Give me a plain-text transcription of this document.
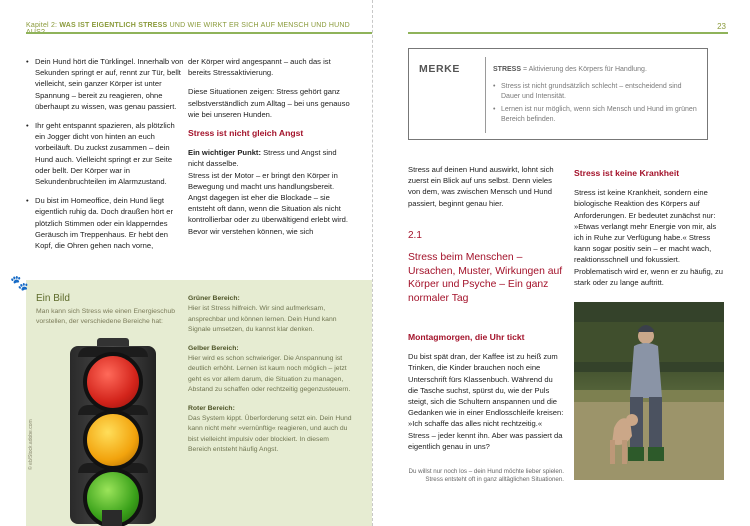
Kapitel 2: WAS IST EIGENTLICH STRESS UND WIE WIRKT ER SICH AUF MENSCH UND HUND
• Dein Hund hört die Türklingel. Innerhalb von Sekunden springt er auf, rennt zur Tür, bellt vielleicht, sein ganzer Körper ist unter Spannung – bereit zu reagieren, ohne überhaupt zu wissen, was genau passiert.
• Ihr geht entspannt spazieren, als plötzlich ein Jogger dicht von hinten an euch vorbeiläuft. Du zuckst zusammen – dein Hund auch. Vielleicht springt er zur Seite oder bellt. Der Körper war in Sekundenbruchteilen im Alarmzustand.
• Du bist im Homeoffice, dein Hund liegt eigentlich ruhig da. Doch draußen hört er plötzlich Stimmen oder ein klapperndes Geräusch im Treppenhaus. Er hebt den Kopf, die Ohren gehen nach vorne,

der Körper wird angespannt – auch das ist bereits Stressaktivierung.

Diese Situationen zeigen: Stress gehört ganz selbstverständlich zum Alltag – bei uns genauso wie bei unseren Hunden.

Stress ist nicht gleich Angst

Ein wichtiger Punkt: Stress und Angst sind nicht dasselbe.

Stress ist der Motor – er bringt den Körper in Bewegung und macht uns handlungsbereit. Angst dagegen ist eher die Blockade – sie entsteht oft dann, wenn die Situation als nicht kontrollierbar oder zu überwältigend erlebt wird. Bevor wir verstehen können, wie sich

🐾
Ein Bild
Man kann sich Stress wie einen Energieschub vorstellen, der verschiedene Bereiche hat:
© eb/Stock.adobe.com

Grüner Bereich:
Hier ist Stress hilfreich. Wir sind aufmerksam, ansprechbar und können lernen. Dein Hund kann Signale umsetzen, du kannst klar denken.

Gelber Bereich:
Hier wird es schon schwieriger. Die Anspannung ist deutlich erhöht. Lernen ist kaum noch möglich – jetzt geht es vor allem darum, die Situation zu managen, Abstand zu schaffen oder rechtzeitig gegenzusteuern.

Roter Bereich:
Das System kippt. Überforderung setzt ein. Dein Hund kann nicht mehr »vernünftig« reagieren, und auch du bist vielleicht impulsiv oder blockiert. In diesem Bereich entsteht häufig Angst.

23
MERKE	STRESS = Aktivierung des Körpers für Handlung.
• Stress ist nicht grundsätzlich schlecht – entscheidend sind Dauer und Intensität.
• Lernen ist nur möglich, wenn sich Mensch und Hund im grünen Bereich befinden.

Stress auf deinen Hund auswirkt, lohnt sich zuerst ein Blick auf uns selbst. Denn vieles von dem, was zwischen Mensch und Hund passiert, beginnt genau hier.

2.1
Stress beim Menschen – Ursachen, Muster, Wirkungen auf Körper und Psyche – Ein ganz normaler Tag
Montagmorgen, die Uhr tickt

Du bist spät dran, der Kaffee ist zu heiß zum Trinken, die Kinder brauchen noch eine Unterschrift fürs Klassenbuch. Während du die Tasche suchst, spürst du, wie der Puls steigt, sich die Schultern anspannen und die Gedanken wie in einer Endlosschleife kreisen: »Ich schaffe das alles nicht rechtzeitig.« Stress – jeder kennt ihn. Aber was passiert da eigentlich genau in uns?

Du willst nur noch los – dein Hund möchte lieber spielen. Stress entsteht oft in ganz alltäglichen Situationen.
Stress ist keine Krankheit

Stress ist keine Krankheit, sondern eine biologische Reaktion des Körpers auf Anforderungen. Er bedeutet zunächst nur: »Etwas verlangt mehr Energie von mir, als ich in Ruhe zur Verfügung habe.« Stress kann sogar positiv sein – er macht wach, reaktionsschnell und fokussiert. Problematisch wird er, wenn er zu häufig, zu stark oder zu lange auftritt.
